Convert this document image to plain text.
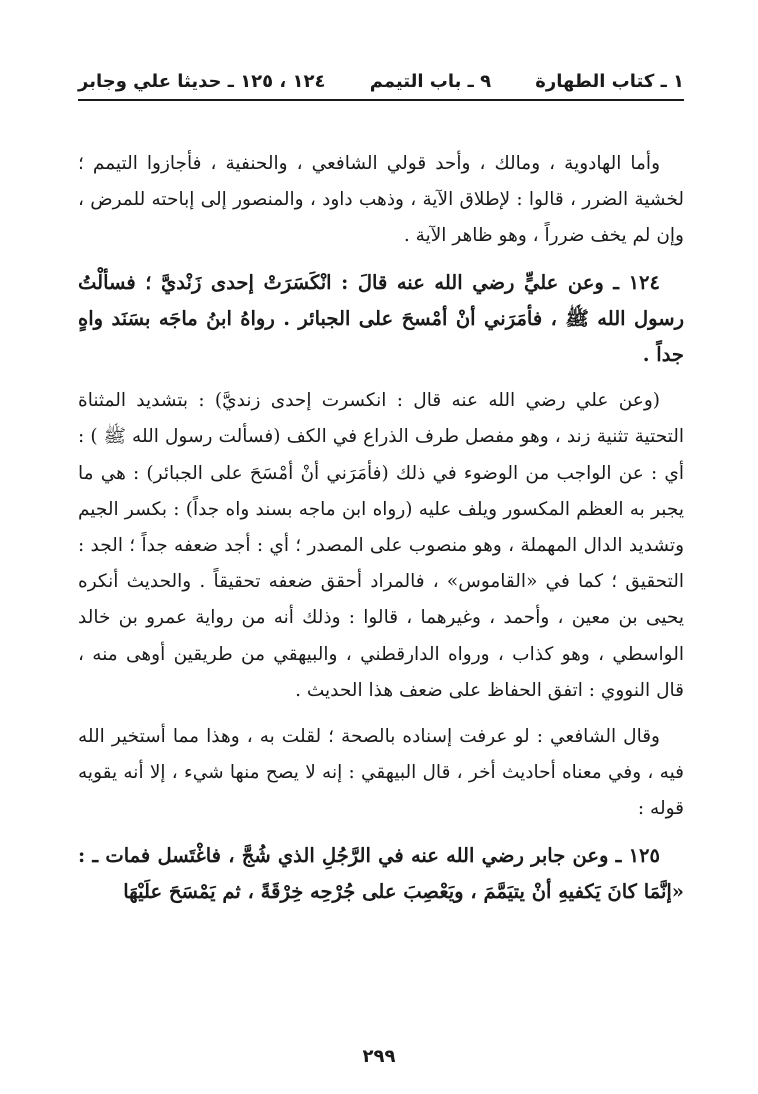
١ ـ كتاب الطهارة
٩ ـ باب التيمم
١٢٤ ، ١٢٥ ـ حديثا علي وجابر

وأما الهادوية ، ومالك ، وأحد قولي الشافعي ، والحنفية ، فأجازوا التيمم ؛ لخشية الضرر ، قالوا : لإطلاق الآية ، وذهب داود ، والمنصور إلى إباحته للمرض ، وإن لم يخف ضرراً ، وهو ظاهر الآية .

١٢٤ ـ وعن عليٍّ رضي الله عنه قالَ : انْكَسَرَتْ إحدى زَنْديَّ ؛ فسألْتُ رسول الله ﷺ ، فأمَرَني أنْ أمْسحَ على الجبائر . رواهُ ابنُ ماجَه بسَنَد واهٍ جداً .

(وعن علي رضي الله عنه قال : انكسرت إحدى زنديَّ) : بتشديد المثناة التحتية تثنية زند ، وهو مفصل طرف الذراع في الكف (فسألت رسول الله ﷺ ) : أي : عن الواجب من الوضوء في ذلك (فأمَرَني أنْ أمْسَحَ على الجبائر) : هي ما يجبر به العظم المكسور ويلف عليه (رواه ابن ماجه بسند واه جداً) : بكسر الجيم وتشديد الدال المهملة ، وهو منصوب على المصدر ؛ أي : أجد ضعفه جداً ؛ الجد : التحقيق ؛ كما في «القاموس» ، فالمراد أحقق ضعفه تحقيقاً . والحديث أنكره يحيى بن معين ، وأحمد ، وغيرهما ، قالوا : وذلك أنه من رواية عمرو بن خالد الواسطي ، وهو كذاب ، ورواه الدارقطني ، والبيهقي من طريقين أوهى منه ، قال النووي : اتفق الحفاظ على ضعف هذا الحديث .

وقال الشافعي : لو عرفت إسناده بالصحة ؛ لقلت به ، وهذا مما أستخير الله فيه ، وفي معناه أحاديث أخر ، قال البيهقي : إنه لا يصح منها شيء ، إلا أنه يقويه قوله :

١٢٥ ـ وعن جابر رضي الله عنه في الرَّجُلِ الذي شُجَّ ، فاغْتَسل فمات ـ : «إنَّمَا كانَ يَكفيهِ أنْ يتيَمَّمَ ، ويَعْصِبَ على جُرْحِه خِرْقَةً ، ثم يَمْسَحَ علَيْهَا

٢٩٩
